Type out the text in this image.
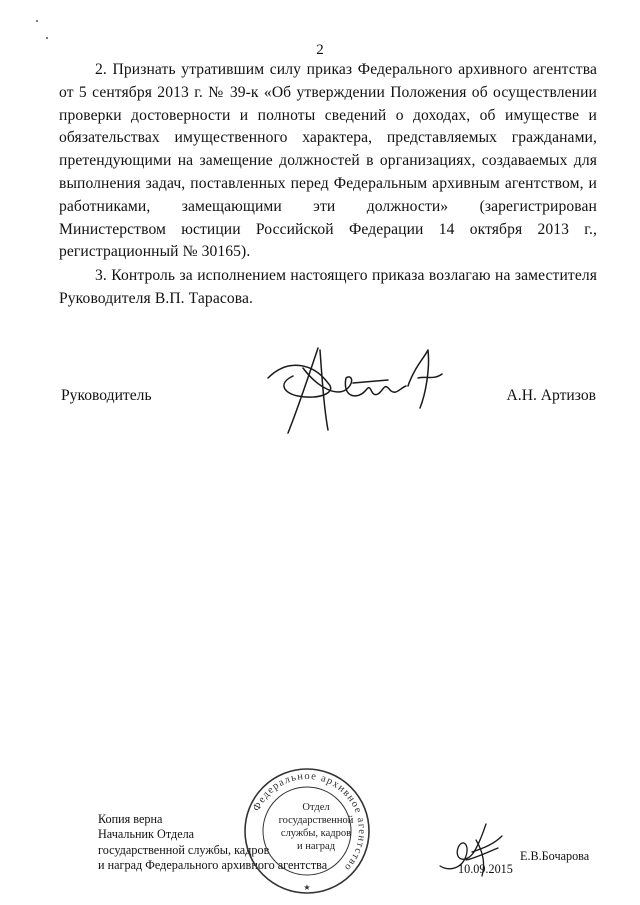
2

2. Признать утратившим силу приказ Федерального архивного агентства от 5 сентября 2013 г. № 39-к «Об утверждении Положения об осуществлении проверки достоверности и полноты сведений о доходах, об имуществе и обязательствах имущественного характера, представляемых гражданами, претендующими на замещение должностей в организациях, создаваемых для выполнения задач, поставленных перед Федеральным архивным агентством, и работниками, замещающими эти должности» (зарегистрирован Министерством юстиции Российской Федерации 14 октября 2013 г., регистрационный № 30165).

3. Контроль за исполнением настоящего приказа возлагаю на заместителя Руководителя В.П. Тарасова.

Руководитель	А.Н. Артизов
Копия верна
Начальник Отдела
государственной службы, кадров
и наград Федерального архивного агентства
Федеральное архивное агентство
★
Отдел
государственной
службы, кадров
и наград
10.09.2015
Е.В.Бочарова
